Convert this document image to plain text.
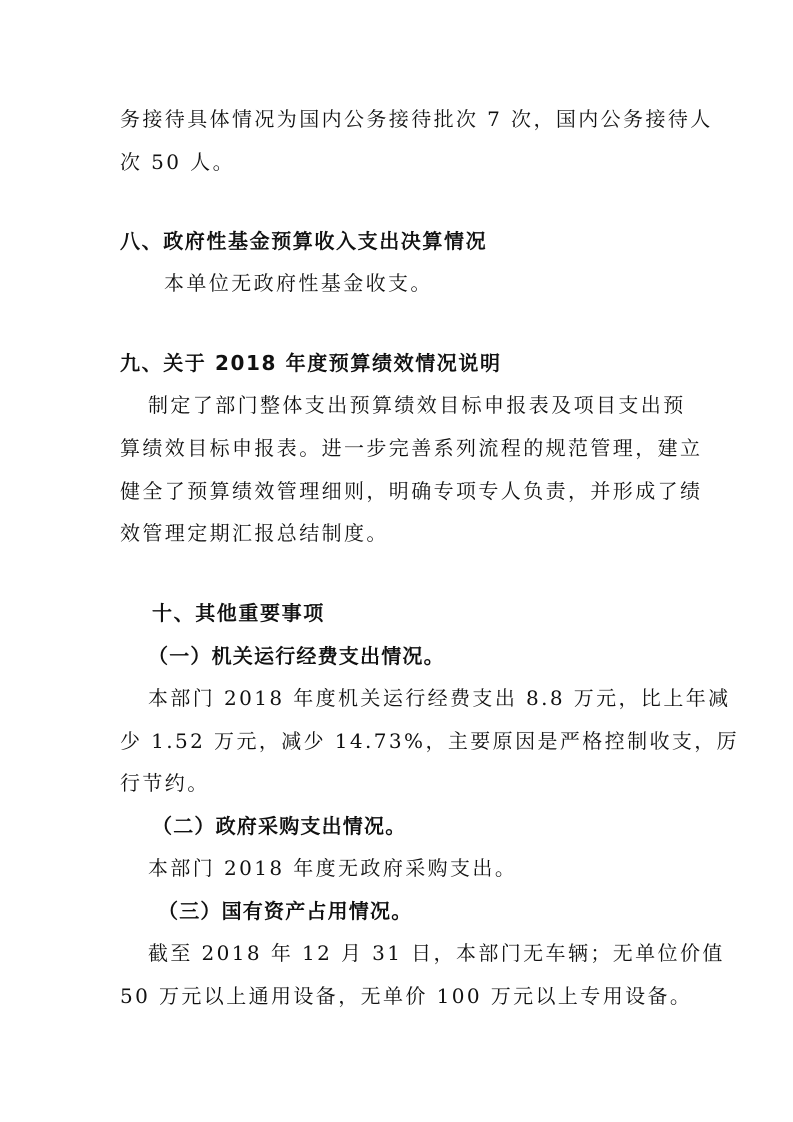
务接待具体情况为国内公务接待批次 7 次，国内公务接待人
次 50 人。
八、政府性基金预算收入支出决算情况
本单位无政府性基金收支。
九、关于 2018 年度预算绩效情况说明
制定了部门整体支出预算绩效目标申报表及项目支出预
算绩效目标申报表。进一步完善系列流程的规范管理，建立
健全了预算绩效管理细则，明确专项专人负责，并形成了绩
效管理定期汇报总结制度。
十、其他重要事项
（一）机关运行经费支出情况。
本部门 2018 年度机关运行经费支出 8.8 万元，比上年减
少 1.52 万元，减少 14.73%，主要原因是严格控制收支，厉
行节约。
（二）政府采购支出情况。
本部门 2018 年度无政府采购支出。
（三）国有资产占用情况。
截至 2018 年 12 月 31 日，本部门无车辆；无单位价值
50 万元以上通用设备，无单价 100 万元以上专用设备。
